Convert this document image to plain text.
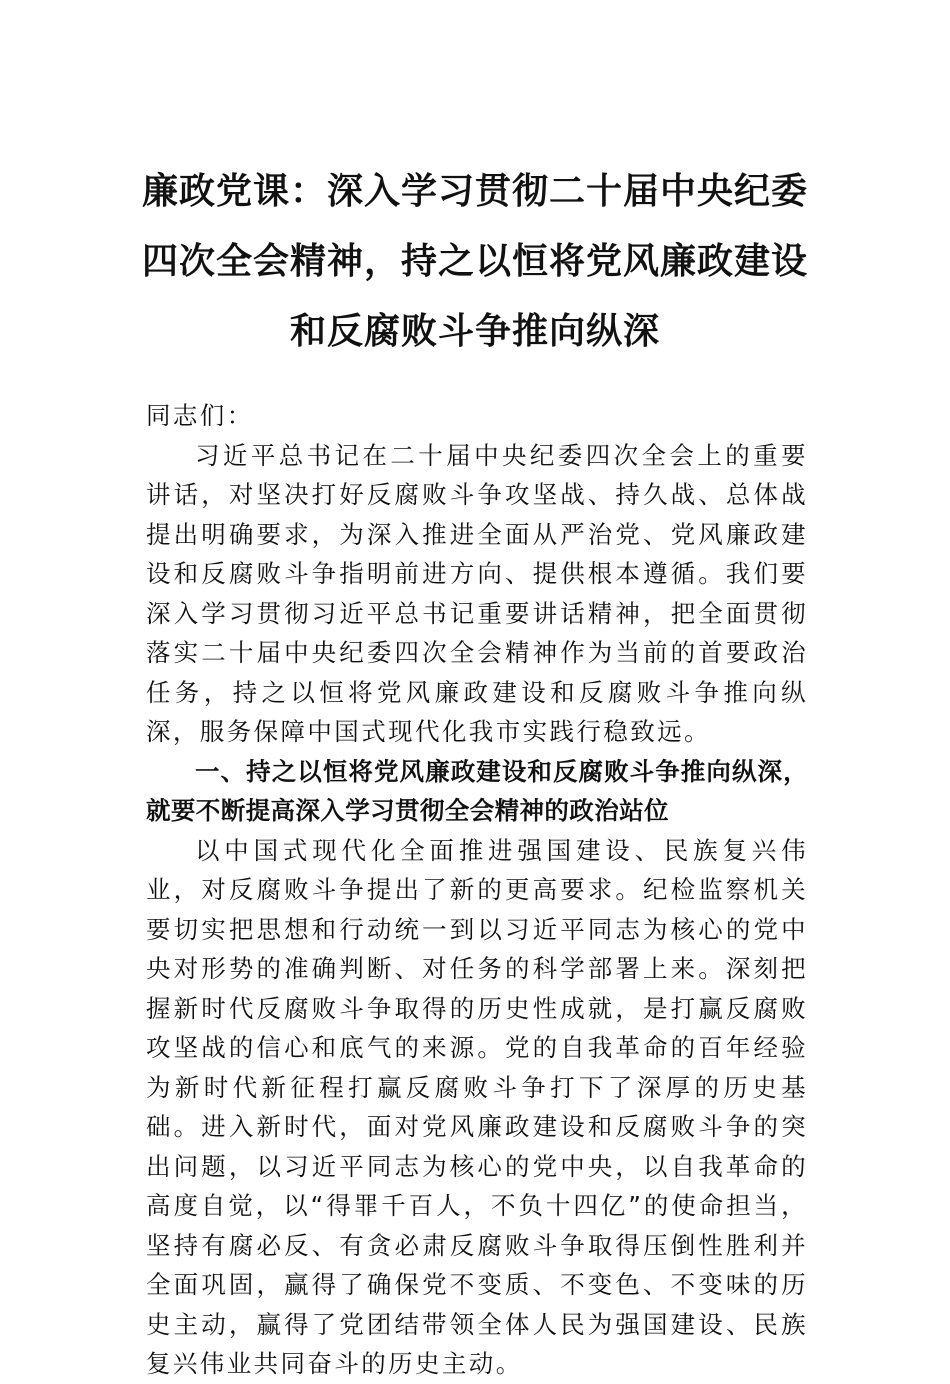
廉政党课：深入学习贯彻二十届中央纪委
四次全会精神，持之以恒将党风廉政建设
和反腐败斗争推向纵深

同志们：

习近平总书记在二十届中央纪委四次全会上的重要讲话，对坚决打好反腐败斗争攻坚战、持久战、总体战提出明确要求，为深入推进全面从严治党、党风廉政建设和反腐败斗争指明前进方向、提供根本遵循。我们要深入学习贯彻习近平总书记重要讲话精神，把全面贯彻落实二十届中央纪委四次全会精神作为当前的首要政治任务，持之以恒将党风廉政建设和反腐败斗争推向纵深，服务保障中国式现代化我市实践行稳致远。

一、持之以恒将党风廉政建设和反腐败斗争推向纵深，就要不断提高深入学习贯彻全会精神的政治站位

以中国式现代化全面推进强国建设、民族复兴伟业，对反腐败斗争提出了新的更高要求。纪检监察机关要切实把思想和行动统一到以习近平同志为核心的党中央对形势的准确判断、对任务的科学部署上来。深刻把握新时代反腐败斗争取得的历史性成就，是打赢反腐败攻坚战的信心和底气的来源。党的自我革命的百年经验为新时代新征程打赢反腐败斗争打下了深厚的历史基础。进入新时代，面对党风廉政建设和反腐败斗争的突出问题，以习近平同志为核心的党中央，以自我革命的高度自觉，以“得罪千百人，不负十四亿”的使命担当，坚持有腐必反、有贪必肃反腐败斗争取得压倒性胜利并全面巩固，赢得了确保党不变质、不变色、不变味的历史主动，赢得了党团结带领全体人民为强国建设、民族复兴伟业共同奋斗的历史主动。
